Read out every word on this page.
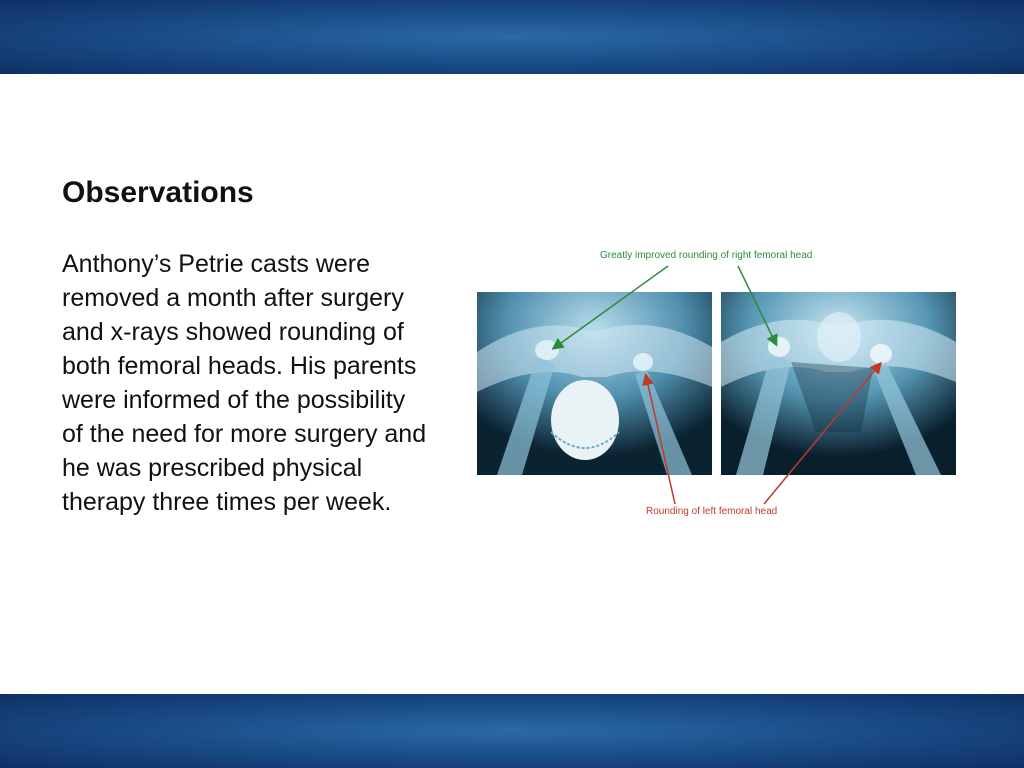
Observations

Anthony’s Petrie casts were removed a month after surgery and x-rays showed rounding of both femoral heads. His parents were informed of the possibility of the need for more surgery and he was prescribed physical therapy three times per week.

Greatly improved rounding of right femoral head
Rounding of left femoral head
